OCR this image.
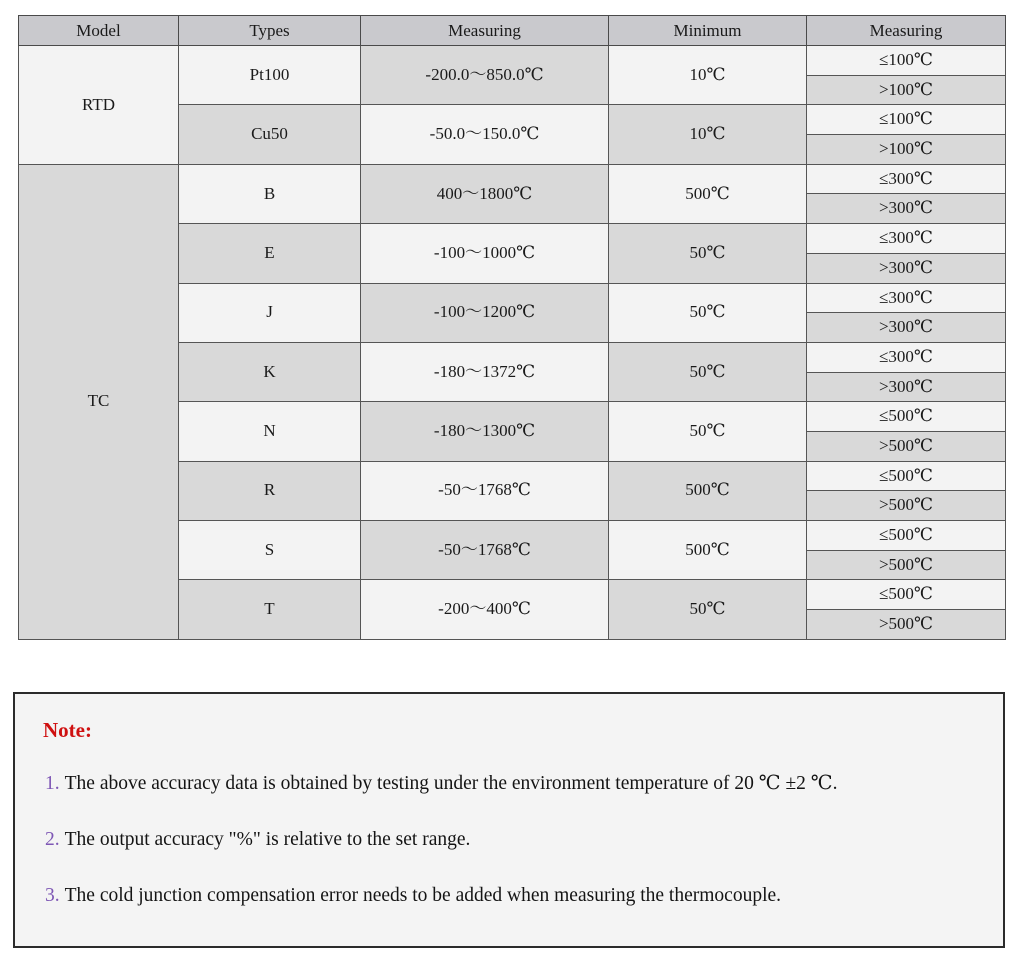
Model	Types	Measuring	Minimum	Measuring
RTD	Pt100	-200.0～850.0℃	10℃	≤100℃
				>100℃
	Cu50	-50.0～150.0℃	10℃	≤100℃
				>100℃
TC	B	400～1800℃	500℃	≤300℃
				>300℃
	E	-100～1000℃	50℃	≤300℃
				>300℃
	J	-100～1200℃	50℃	≤300℃
				>300℃
	K	-180～1372℃	50℃	≤300℃
				>300℃
	N	-180～1300℃	50℃	≤500℃
				>500℃
	R	-50～1768℃	500℃	≤500℃
				>500℃
	S	-50～1768℃	500℃	≤500℃
				>500℃
	T	-200～400℃	50℃	≤500℃
				>500℃
Note:
1. The above accuracy data is obtained by testing under the environment temperature of 20 ℃ ±2 ℃.
2. The output accuracy "%" is relative to the set range.
3. The cold junction compensation error needs to be added when measuring the thermocouple.
